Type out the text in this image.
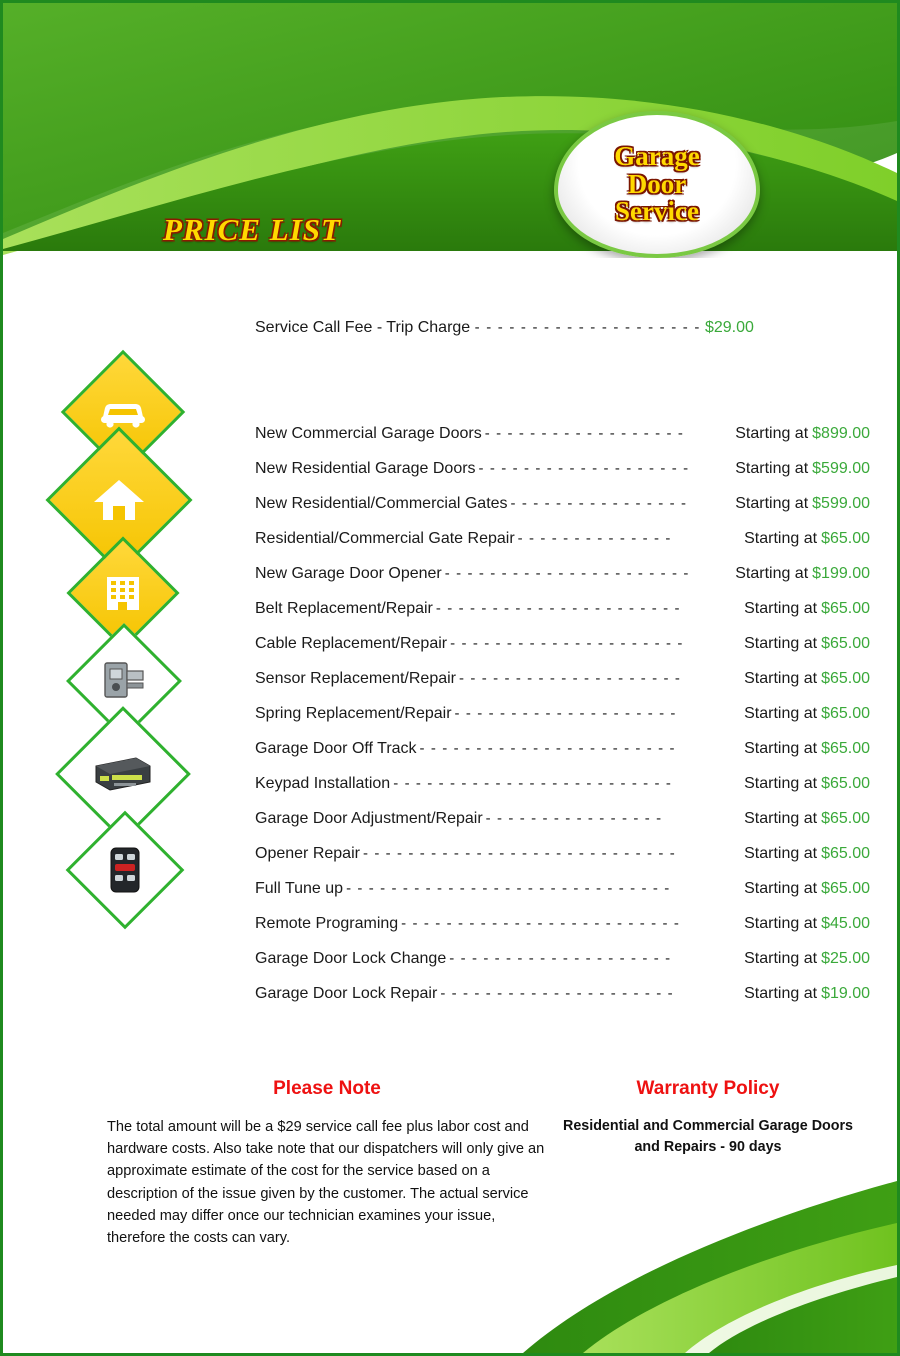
PRICE LIST
Garage
Door
Service
Service Call Fee - Trip Charge - - - - - - - - - - - - - - - - - - - - $29.00
New Commercial Garage Doors - - - - - - - - - - - - - - - - - -	Starting at $899.00
New Residential Garage Doors - - - - - - - - - - - - - - - - - - -	Starting at $599.00
New Residential/Commercial Gates - - - - - - - - - - - - - - - -	Starting at $599.00
Residential/Commercial Gate Repair - - - - - - - - - - - - - -	Starting at $65.00
New Garage Door Opener - - - - - - - - - - - - - - - - - - - - - -	Starting at $199.00
Belt Replacement/Repair - - - - - - - - - - - - - - - - - - - - - -	Starting at $65.00
Cable Replacement/Repair - - - - - - - - - - - - - - - - - - - - -	Starting at $65.00
Sensor Replacement/Repair - - - - - - - - - - - - - - - - - - - -	Starting at $65.00
Spring Replacement/Repair - - - - - - - - - - - - - - - - - - - -	Starting at $65.00
Garage Door Off Track - - - - - - - - - - - - - - - - - - - - - - -	Starting at $65.00
Keypad Installation - - - - - - - - - - - - - - - - - - - - - - - - -	Starting at $65.00
Garage Door Adjustment/Repair - - - - - - - - - - - - - - - -	Starting at $65.00
Opener Repair - - - - - - - - - - - - - - - - - - - - - - - - - - - -	Starting at $65.00
Full Tune up - - - - - - - - - - - - - - - - - - - - - - - - - - - - -	Starting at $65.00
Remote Programing - - - - - - - - - - - - - - - - - - - - - - - - -	Starting at $45.00
Garage Door Lock Change - - - - - - - - - - - - - - - - - - - -	Starting at $25.00
Garage Door Lock Repair - - - - - - - - - - - - - - - - - - - - -	Starting at $19.00
Please Note
The total amount will be a $29 service call fee plus labor cost and hardware costs. Also take note that our dispatchers will only give an approximate estimate of the cost for the service based on a description of the issue given by the customer. The actual service needed may differ once our technician examines your issue, therefore the costs can vary.
Warranty Policy
Residential and Commercial Garage Doors and Repairs - 90 days
